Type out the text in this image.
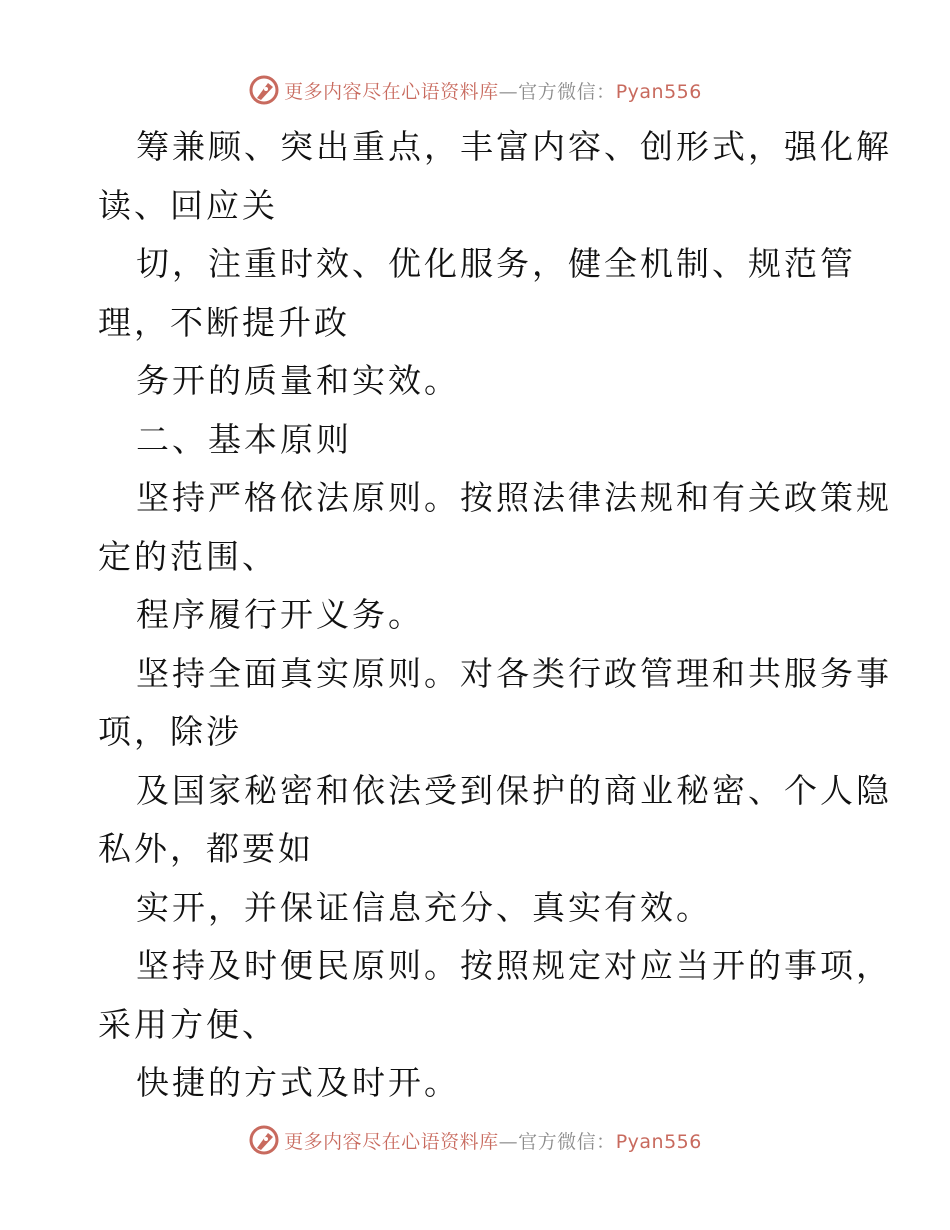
更多内容尽在心语资料库—官方微信：Pyan556
筹兼顾、突出重点，丰富内容、创形式，强化解
读、回应关
切，注重时效、优化服务，健全机制、规范管
理，不断提升政
务开的质量和实效。
二、基本原则
坚持严格依法原则。按照法律法规和有关政策规
定的范围、
程序履行开义务。
坚持全面真实原则。对各类行政管理和共服务事
项，除涉
及国家秘密和依法受到保护的商业秘密、个人隐
私外，都要如
实开，并保证信息充分、真实有效。
坚持及时便民原则。按照规定对应当开的事项，
采用方便、
快捷的方式及时开。
更多内容尽在心语资料库—官方微信：Pyan556
